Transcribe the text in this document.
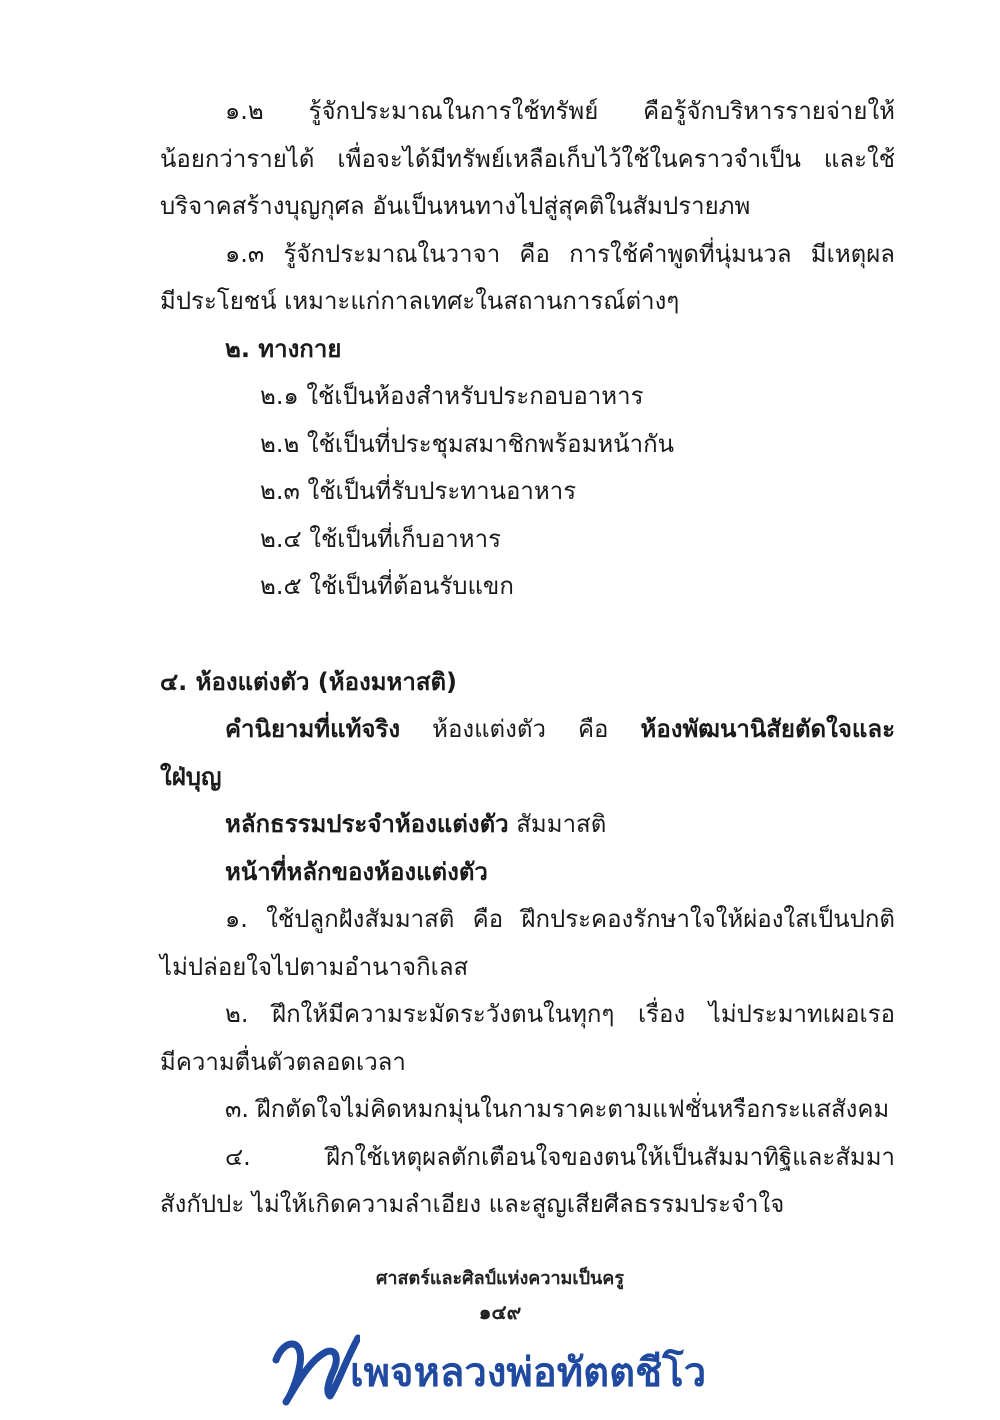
๑.๒ รู้จักประมาณในการใช้ทรัพย์ คือรู้จักบริหารรายจ่ายให้

น้อยกว่ารายได้ เพื่อจะได้มีทรัพย์เหลือเก็บไว้ใช้ในคราวจำเป็น และใช้

บริจาคสร้างบุญกุศล อันเป็นหนทางไปสู่สุคติในสัมปรายภพ

๑.๓ รู้จักประมาณในวาจา คือ การใช้คำพูดที่นุ่มนวล มีเหตุผล

มีประโยชน์ เหมาะแก่กาลเทศะในสถานการณ์ต่างๆ

๒. ทางกาย

๒.๑ ใช้เป็นห้องสำหรับประกอบอาหาร

๒.๒ ใช้เป็นที่ประชุมสมาชิกพร้อมหน้ากัน

๒.๓ ใช้เป็นที่รับประทานอาหาร

๒.๔ ใช้เป็นที่เก็บอาหาร

๒.๕ ใช้เป็นที่ต้อนรับแขก

๔. ห้องแต่งตัว (ห้องมหาสติ)

คำนิยามที่แท้จริง ห้องแต่งตัว คือ ห้องพัฒนานิสัยตัดใจและ

ใฝ่บุญ

หลักธรรมประจำห้องแต่งตัว สัมมาสติ

หน้าที่หลักของห้องแต่งตัว

๑. ใช้ปลูกฝังสัมมาสติ คือ ฝึกประคองรักษาใจให้ผ่องใสเป็นปกติ

ไม่ปล่อยใจไปตามอำนาจกิเลส

๒. ฝึกให้มีความระมัดระวังตนในทุกๆ เรื่อง ไม่ประมาทเผอเรอ

มีความตื่นตัวตลอดเวลา

๓. ฝึกตัดใจไม่คิดหมกมุ่นในกามราคะตามแฟชั่นหรือกระแสสังคม

๔. ฝึกใช้เหตุผลตักเตือนใจของตนให้เป็นสัมมาทิฐิและสัมมา

สังกัปปะ ไม่ให้เกิดความลำเอียง และสูญเสียศีลธรรมประจำใจ

ศาสตร์และศิลป์แห่งความเป็นครู
๑๔๙
เพจหลวงพ่อทัตตชีโว
